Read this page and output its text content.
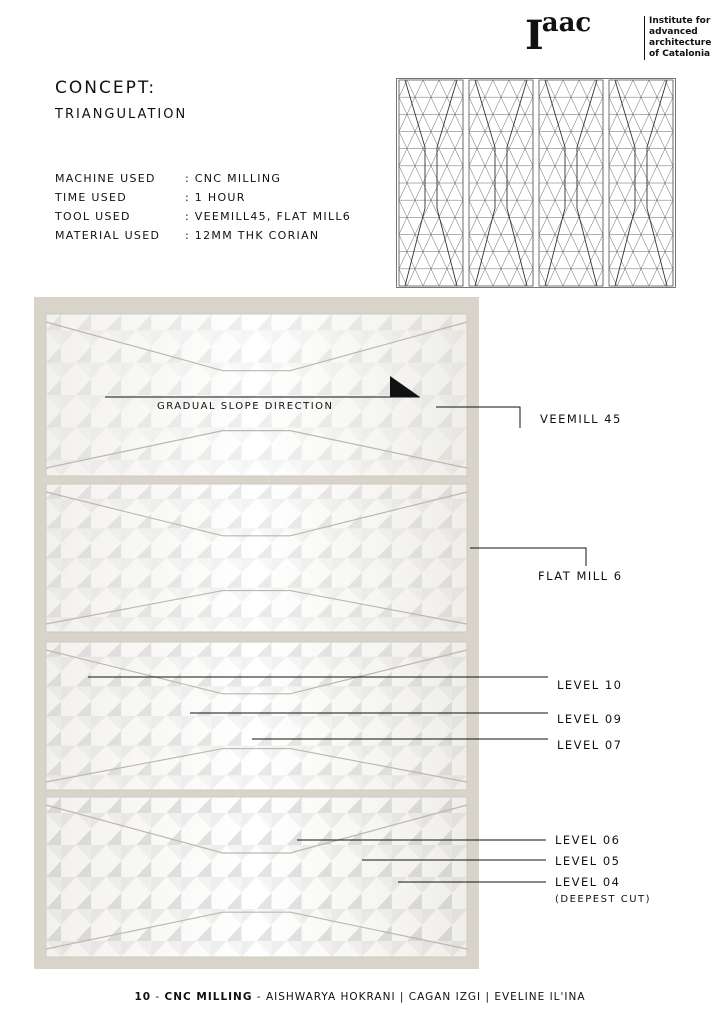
Iaac	Institute for
advanced
architecture
of Catalonia
CONCEPT:
TRIANGULATION
MACHINE USED	: CNC MILLING
TIME USED	: 1 HOUR
TOOL USED	: VEEMILL45, FLAT MILL6
MATERIAL USED : 12MM THK CORIAN
GRADUAL SLOPE DIRECTION
VEEMILL 45
FLAT MILL 6
LEVEL 10
LEVEL 09
LEVEL 07
LEVEL 06
LEVEL 05
LEVEL 04
(DEEPEST CUT)
10 - CNC MILLING - AISHWARYA HOKRANI | CAGAN IZGI | EVELINE IL'INA
